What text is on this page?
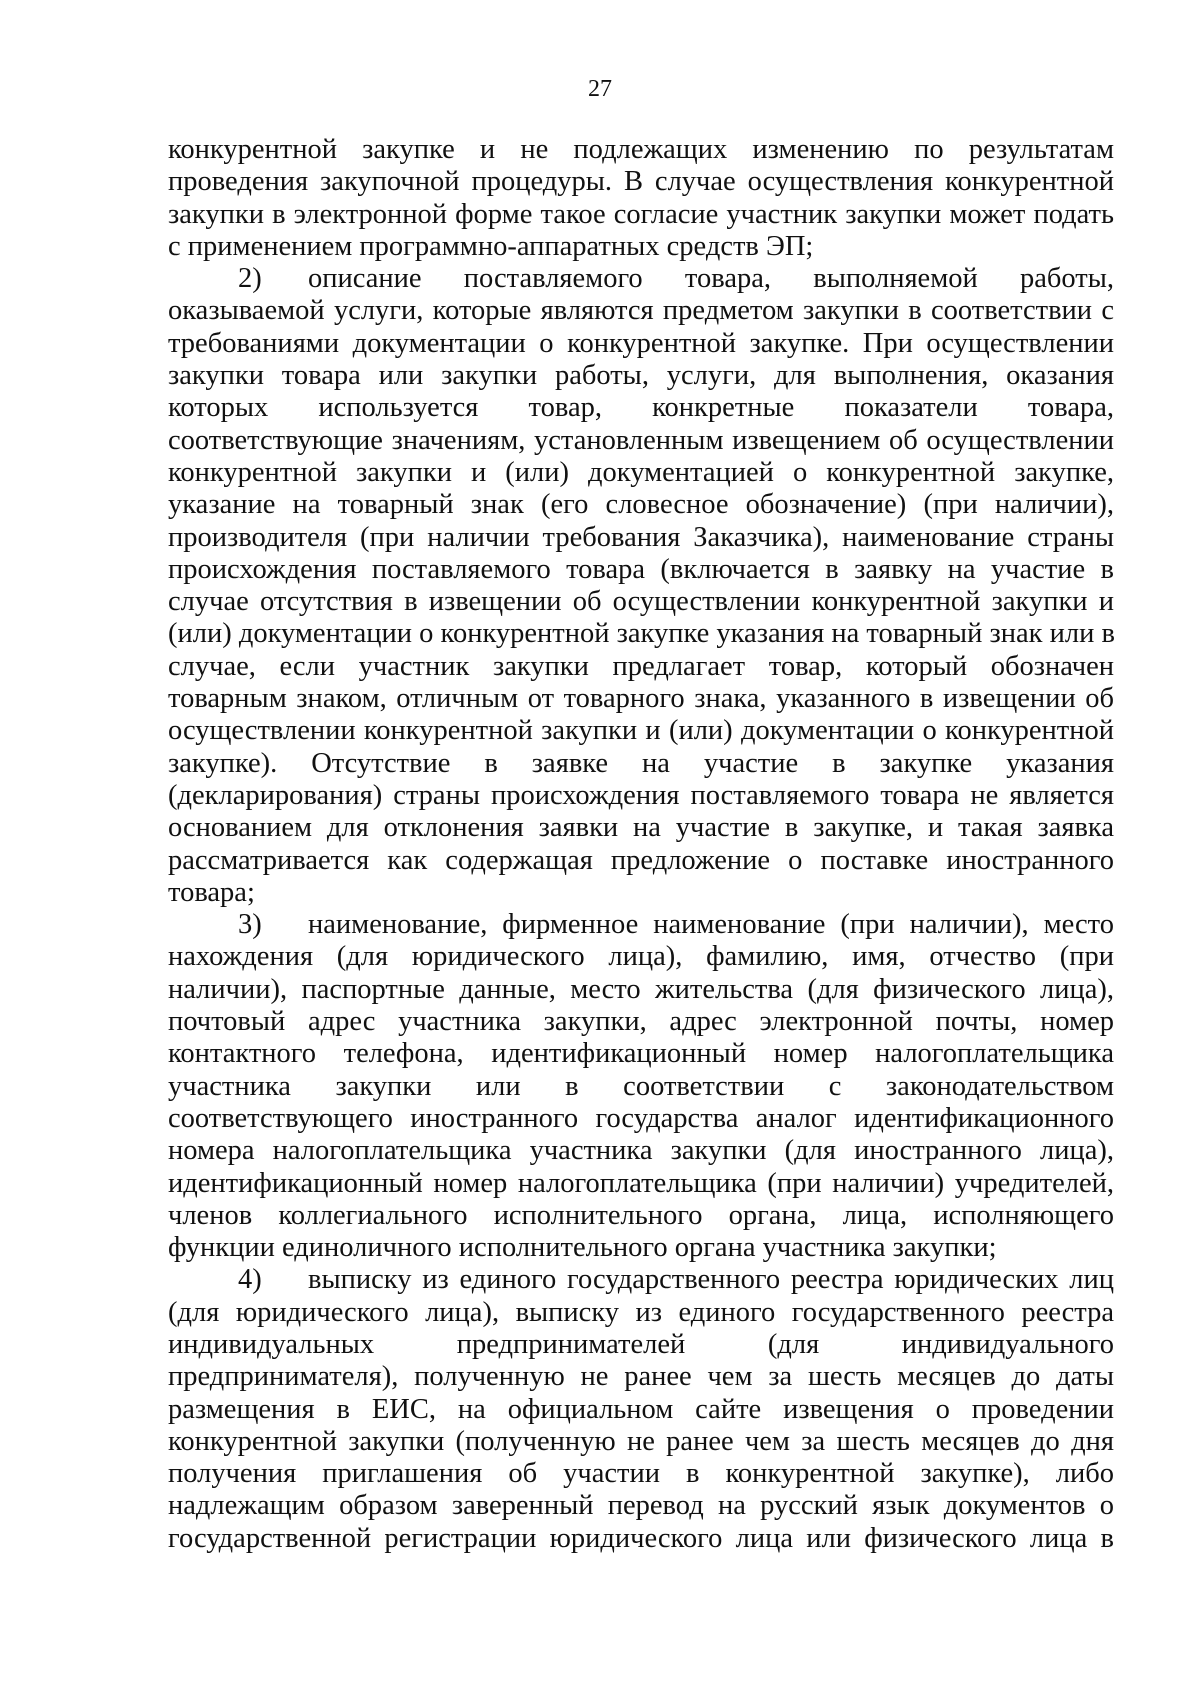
27
конкурентной закупке и не подлежащих изменению по результатам
проведения закупочной процедуры. В случае осуществления конкурентной
закупки в электронной форме такое согласие участник закупки может подать
с применением программно-аппаратных средств ЭП;
2) описание поставляемого товара, выполняемой работы,
оказываемой услуги, которые являются предметом закупки в соответствии с
требованиями документации о конкурентной закупке. При осуществлении
закупки товара или закупки работы, услуги, для выполнения, оказания
которых используется товар, конкретные показатели товара,
соответствующие значениям, установленным извещением об осуществлении
конкурентной закупки и (или) документацией о конкурентной закупке,
указание на товарный знак (его словесное обозначение) (при наличии),
производителя (при наличии требования Заказчика), наименование страны
происхождения поставляемого товара (включается в заявку на участие в
случае отсутствия в извещении об осуществлении конкурентной закупки и
(или) документации о конкурентной закупке указания на товарный знак или в
случае, если участник закупки предлагает товар, который обозначен
товарным знаком, отличным от товарного знака, указанного в извещении об
осуществлении конкурентной закупки и (или) документации о конкурентной
закупке). Отсутствие в заявке на участие в закупке указания
(декларирования) страны происхождения поставляемого товара не является
основанием для отклонения заявки на участие в закупке, и такая заявка
рассматривается как содержащая предложение о поставке иностранного
товара;
3) наименование, фирменное наименование (при наличии), место
нахождения (для юридического лица), фамилию, имя, отчество (при
наличии), паспортные данные, место жительства (для физического лица),
почтовый адрес участника закупки, адрес электронной почты, номер
контактного телефона, идентификационный номер налогоплательщика
участника закупки или в соответствии с законодательством
соответствующего иностранного государства аналог идентификационного
номера налогоплательщика участника закупки (для иностранного лица),
идентификационный номер налогоплательщика (при наличии) учредителей,
членов коллегиального исполнительного органа, лица, исполняющего
функции единоличного исполнительного органа участника закупки;
4) выписку из единого государственного реестра юридических лиц
(для юридического лица), выписку из единого государственного реестра
индивидуальных предпринимателей (для индивидуального
предпринимателя), полученную не ранее чем за шесть месяцев до даты
размещения в ЕИС, на официальном сайте извещения о проведении
конкурентной закупки (полученную не ранее чем за шесть месяцев до дня
получения приглашения об участии в конкурентной закупке), либо
надлежащим образом заверенный перевод на русский язык документов о
государственной регистрации юридического лица или физического лица в
